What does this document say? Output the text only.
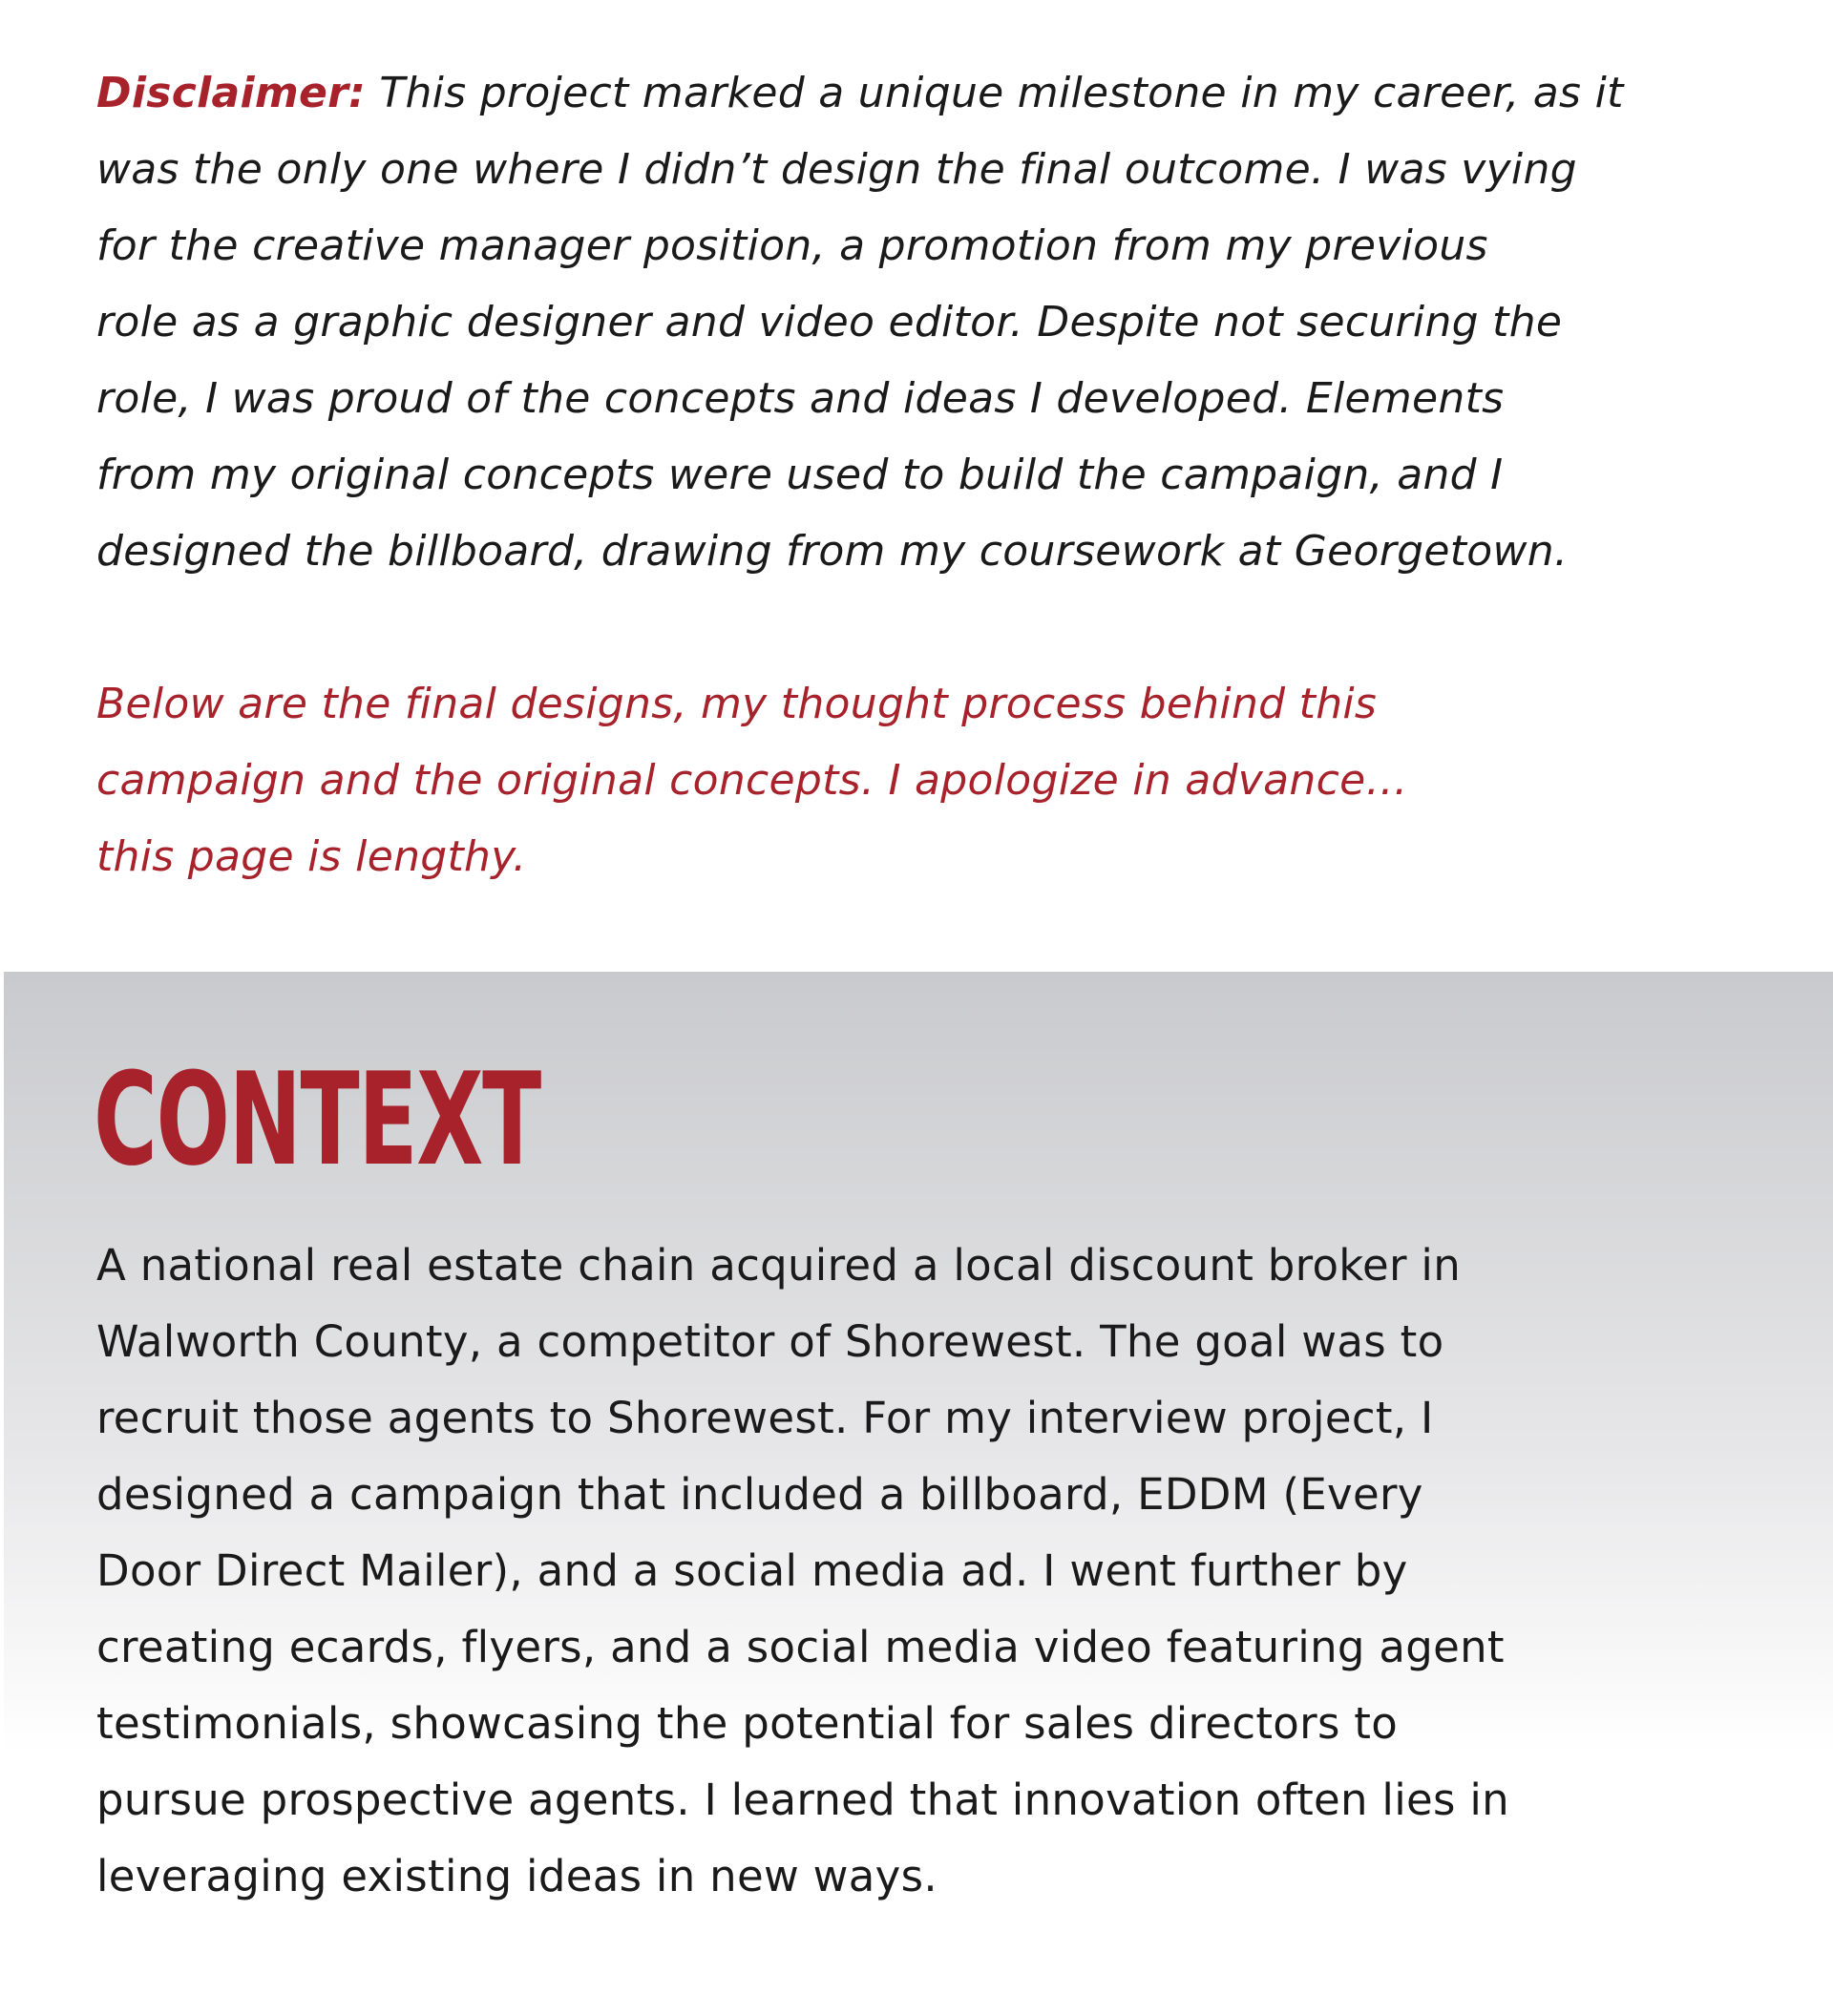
Disclaimer: This project marked a unique milestone in my career, as it
was the only one where I didn’t design the final outcome. I was vying
for the creative manager position, a promotion from my previous
role as a graphic designer and video editor. Despite not securing the
role, I was proud of the concepts and ideas I developed. Elements
from my original concepts were used to build the campaign, and I
designed the billboard, drawing from my coursework at Georgetown.

Below are the final designs, my thought process behind this
campaign and the original concepts. I apologize in advance…
this page is lengthy.

CONTEXT

A national real estate chain acquired a local discount broker in
Walworth County, a competitor of Shorewest. The goal was to
recruit those agents to Shorewest. For my interview project, I
designed a campaign that included a billboard, EDDM (Every
Door Direct Mailer), and a social media ad. I went further by
creating ecards, flyers, and a social media video featuring agent
testimonials, showcasing the potential for sales directors to
pursue prospective agents. I learned that innovation often lies in
leveraging existing ideas in new ways.
